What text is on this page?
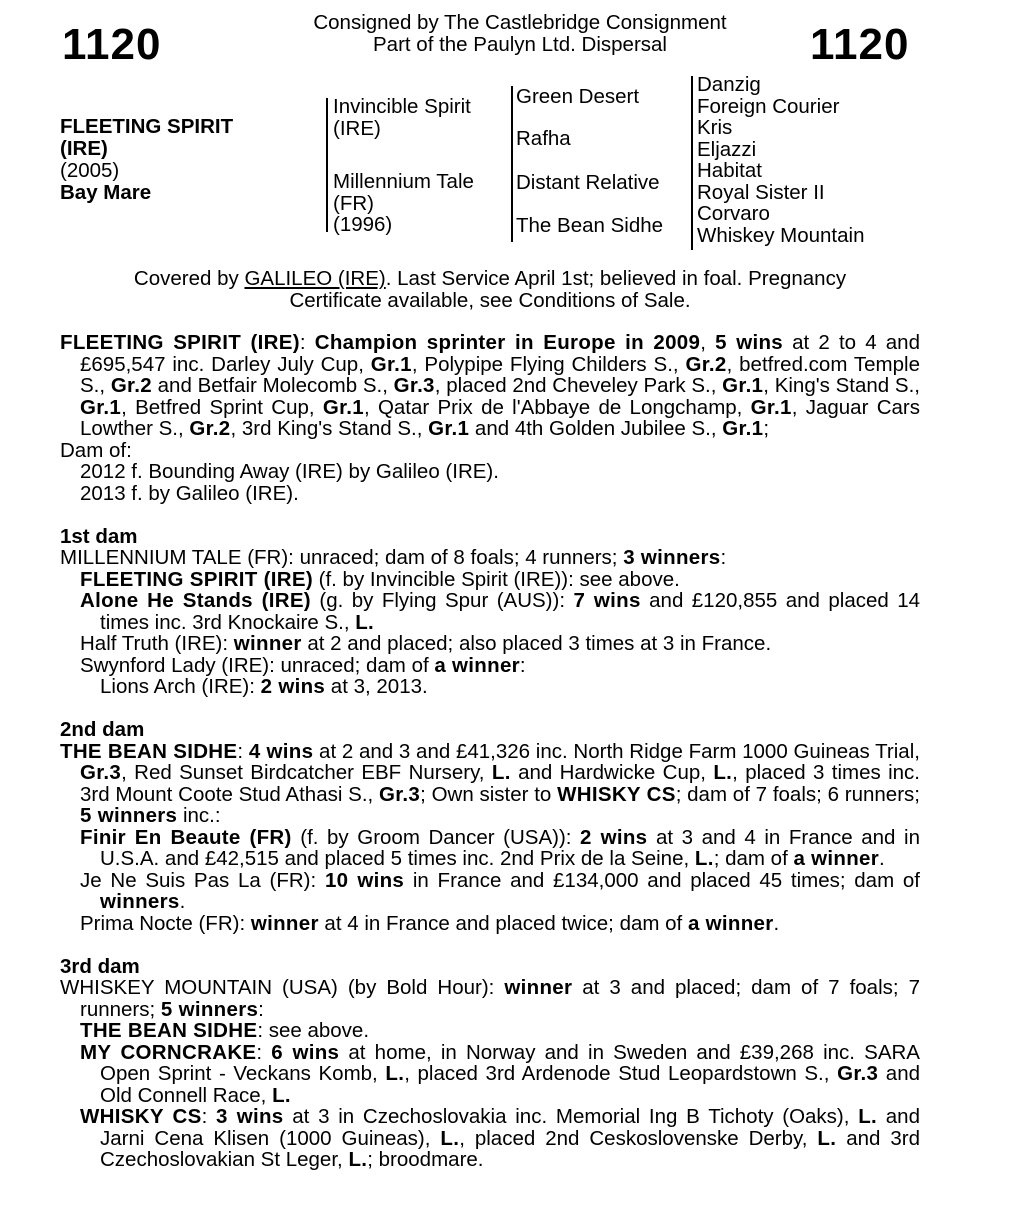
1120	Consigned by The Castlebridge Consignment
Part of the Paulyn Ltd. Dispersal	1120
FLEETING SPIRIT
(IRE)
(2005)
Bay Mare
Invincible Spirit
(IRE)
Millennium Tale
(FR)
(1996)
Green Desert
Rafha
Distant Relative
The Bean Sidhe
Danzig
Foreign Courier
Kris
Eljazzi
Habitat
Royal Sister II
Corvaro
Whiskey Mountain
Covered by GALILEO (IRE). Last Service April 1st; believed in foal. Pregnancy
Certificate available, see Conditions of Sale.

FLEETING SPIRIT (IRE): Champion sprinter in Europe in 2009, 5 wins at 2 to 4 and £695,547 inc. Darley July Cup, Gr.1, Polypipe Flying Childers S., Gr.2, betfred.com Temple S., Gr.2 and Betfair Molecomb S., Gr.3, placed 2nd Cheveley Park S., Gr.1, King's Stand S., Gr.1, Betfred Sprint Cup, Gr.1, Qatar Prix de l'Abbaye de Longchamp, Gr.1, Jaguar Cars Lowther S., Gr.2, 3rd King's Stand S., Gr.1 and 4th Golden Jubilee S., Gr.1;

Dam of:

2012 f. Bounding Away (IRE) by Galileo (IRE).

2013 f. by Galileo (IRE).

1st dam

MILLENNIUM TALE (FR): unraced; dam of 8 foals; 4 runners; 3 winners:

FLEETING SPIRIT (IRE) (f. by Invincible Spirit (IRE)): see above.

Alone He Stands (IRE) (g. by Flying Spur (AUS)): 7 wins and £120,855 and placed 14 times inc. 3rd Knockaire S., L.

Half Truth (IRE): winner at 2 and placed; also placed 3 times at 3 in France.

Swynford Lady (IRE): unraced; dam of a winner:

Lions Arch (IRE): 2 wins at 3, 2013.

2nd dam

THE BEAN SIDHE: 4 wins at 2 and 3 and £41,326 inc. North Ridge Farm 1000 Guineas Trial, Gr.3, Red Sunset Birdcatcher EBF Nursery, L. and Hardwicke Cup, L., placed 3 times inc. 3rd Mount Coote Stud Athasi S., Gr.3; Own sister to WHISKY CS; dam of 7 foals; 6 runners; 5 winners inc.:

Finir En Beaute (FR) (f. by Groom Dancer (USA)): 2 wins at 3 and 4 in France and in U.S.A. and £42,515 and placed 5 times inc. 2nd Prix de la Seine, L.; dam of a winner.

Je Ne Suis Pas La (FR): 10 wins in France and £134,000 and placed 45 times; dam of winners.

Prima Nocte (FR): winner at 4 in France and placed twice; dam of a winner.

3rd dam

WHISKEY MOUNTAIN (USA) (by Bold Hour): winner at 3 and placed; dam of 7 foals; 7 runners; 5 winners:

THE BEAN SIDHE: see above.

MY CORNCRAKE: 6 wins at home, in Norway and in Sweden and £39,268 inc. SARA Open Sprint - Veckans Komb, L., placed 3rd Ardenode Stud Leopardstown S., Gr.3 and Old Connell Race, L.

WHISKY CS: 3 wins at 3 in Czechoslovakia inc. Memorial Ing B Tichoty (Oaks), L. and Jarni Cena Klisen (1000 Guineas), L., placed 2nd Ceskoslovenske Derby, L. and 3rd Czechoslovakian St Leger, L.; broodmare.
